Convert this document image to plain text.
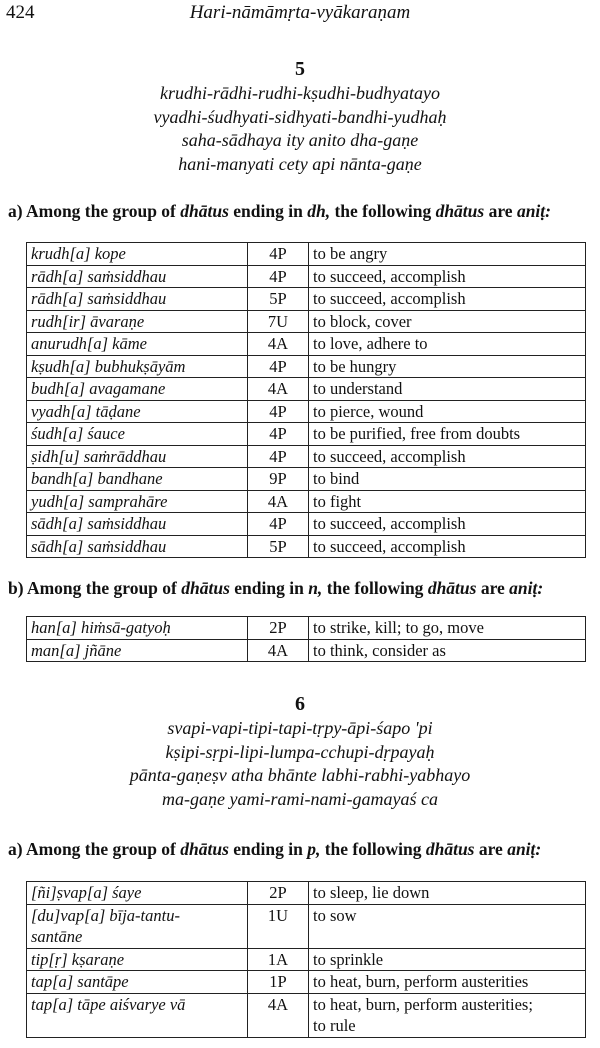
424	Hari-nāmāmṛta-vyākaraṇam
5
krudhi-rādhi-rudhi-kṣudhi-budhyatayo
vyadhi-śudhyati-sidhyati-bandhi-yudhaḥ
saha-sādhaya ity anito dha-gaṇe
hani-manyati cety api nānta-gaṇe
a) Among the group of dhātus ending in dh, the following dhātus are aniṭ:
krudh[a] kope	4P	to be angry
rādh[a] saṁsiddhau	4P	to succeed, accomplish
rādh[a] saṁsiddhau	5P	to succeed, accomplish
rudh[ir] āvaraṇe	7U	to block, cover
anurudh[a] kāme	4A	to love, adhere to
kṣudh[a] bubhukṣāyām	4P	to be hungry
budh[a] avagamane	4A	to understand
vyadh[a] tāḍane	4P	to pierce, wound
śudh[a] śauce	4P	to be purified, free from doubts
ṣidh[u] saṁrāddhau	4P	to succeed, accomplish
bandh[a] bandhane	9P	to bind
yudh[a] samprahāre	4A	to fight
sādh[a] saṁsiddhau	4P	to succeed, accomplish
sādh[a] saṁsiddhau	5P	to succeed, accomplish
b) Among the group of dhātus ending in n, the following dhātus are aniṭ:
han[a] hiṁsā-gatyoḥ	2P	to strike, kill; to go, move
man[a] jñāne	4A	to think, consider as
6
svapi-vapi-tipi-tapi-tṛpy-āpi-śapo 'pi
kṣipi-sṛpi-lipi-lumpa-cchupi-dṛpayaḥ
pānta-gaṇeṣv atha bhānte labhi-rabhi-yabhayo
ma-gaṇe yami-rami-nami-gamayaś ca
a) Among the group of dhātus ending in p, the following dhātus are aniṭ:
[ñi]ṣvap[a] śaye	2P	to sleep, lie down

[du]vap[a] bīja-tantu-
santāne	1U	to sow

tip[ṛ] kṣaraṇe	1A	to sprinkle

tap[a] santāpe	1P	to heat, burn, perform austerities

tap[a] tāpe aiśvarye vā	4A	to heat, burn, perform austerities;
to rule
